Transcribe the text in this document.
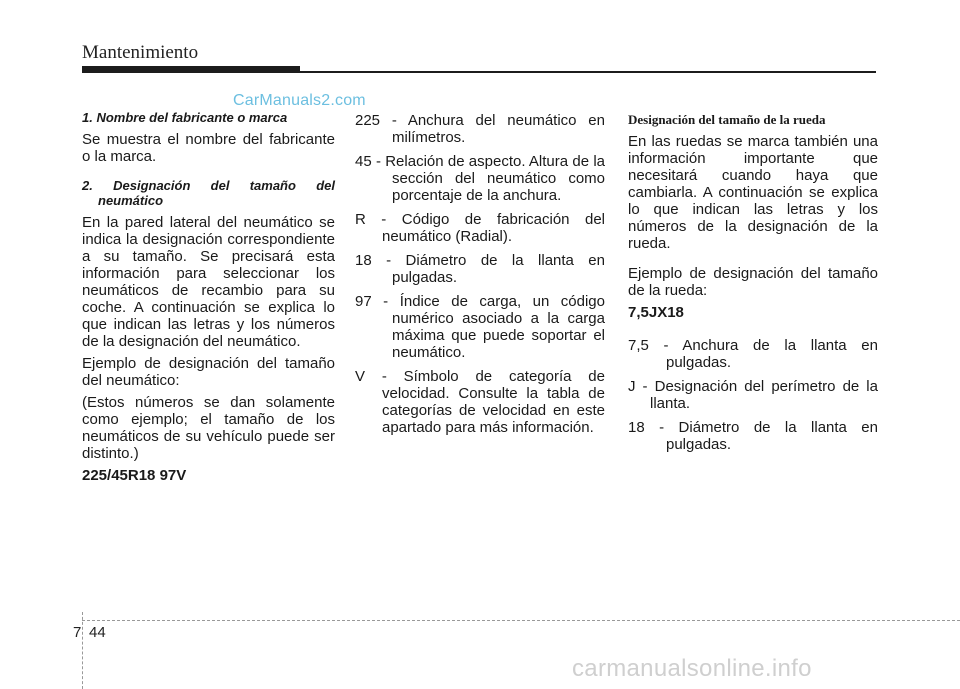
Mantenimiento
CarManuals2.com

1. Nombre del fabricante o marca

Se muestra el nombre del fabricante o la marca.

2. Designación del tamaño del neumático

En la pared lateral del neumático se indica la designación correspondiente a su tamaño. Se precisará esta información para seleccionar los neumáticos de recambio para su coche. A continuación se explica lo que indican las letras y los números de la designación del neumático.

Ejemplo de designación del tamaño del neumático:

(Estos números se dan solamente como ejemplo; el tamaño de los neumáticos de su vehículo puede ser distinto.)

225/45R18 97V

225 - Anchura del neumático en milímetros.

45 - Relación de aspecto. Altura de la sección del neumático como porcentaje de la anchura.

R - Código de fabricación del neumático (Radial).

18 - Diámetro de la llanta en pulgadas.

97 - Índice de carga, un código numérico asociado a la carga máxima que puede soportar el neumático.

V - Símbolo de categoría de velocidad. Consulte la tabla de categorías de velocidad en este apartado para más información.

Designación del tamaño de la rueda

En las ruedas se marca también una información importante que necesitará cuando haya que cambiarla. A continuación se explica lo que indican las letras y los números de la designación de la rueda.

Ejemplo de designación del tamaño de la rueda:

7,5JX18

7,5 - Anchura de la llanta en pulgadas.

J - Designación del perímetro de la llanta.

18 - Diámetro de la llanta en pulgadas.

7 44
carmanualsonline.info
